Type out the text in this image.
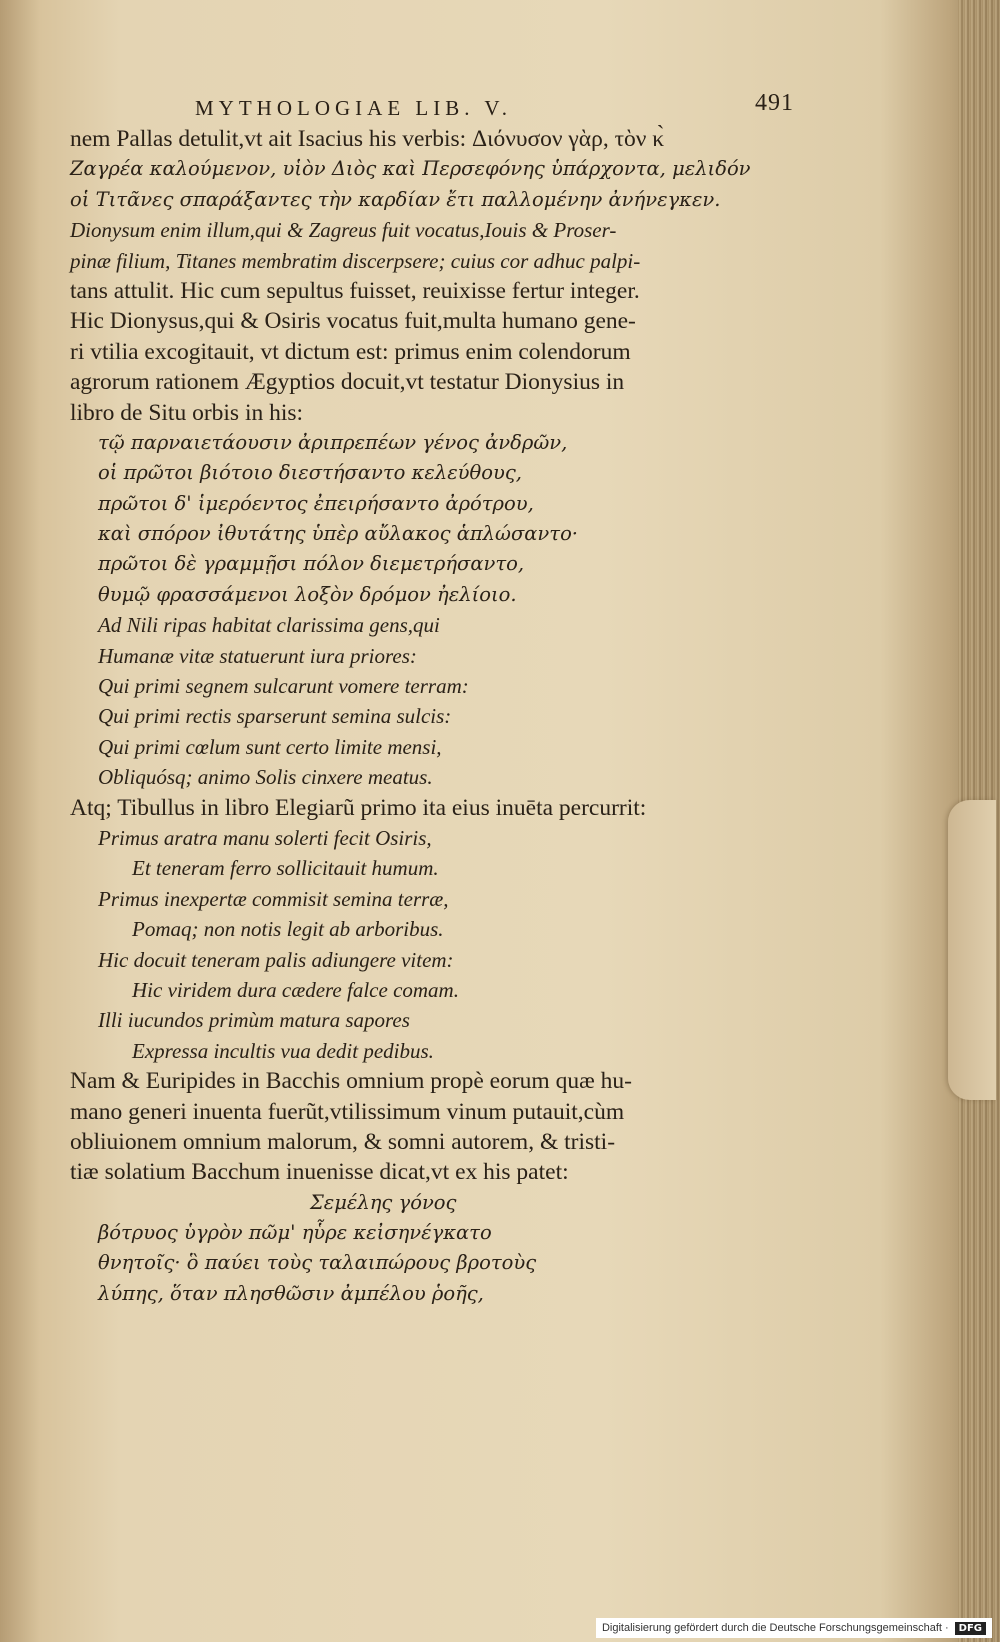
MYTHOLOGIAE LIB. V.	491
nem Pallas detulit,vt ait Isacius his verbis: Διόνυσον γὰρ, τὸν κ̀
Ζαγρέα καλούμενον, υἱὸν Διὸς καὶ Περσεφόνης ὑπάρχοντα, μελιδόν
οἱ Τιτᾶνες σπαράξαντες τὴν καρδίαν ἔτι παλλομένην ἀνήνεγκεν.
Dionysum enim illum,qui & Zagreus fuit vocatus,Iouis & Proser-
pinæ filium, Titanes membratim discerpsere; cuius cor adhuc palpi-
tans attulit. Hic cum sepultus fuisset, reuixisse fertur integer.
Hic Dionysus,qui & Osiris vocatus fuit,multa humano gene-
ri vtilia excogitauit, vt dictum est: primus enim colendorum
agrorum rationem Ægyptios docuit,vt testatur Dionysius in
libro de Situ orbis in his:
τῷ παρναιετάουσιν ἀριπρεπέων γένος ἀνδρῶν,
οἱ πρῶτοι βιότοιο διεστήσαντο κελεύθους,
πρῶτοι δ' ἱμερόεντος ἐπειρήσαντο ἀρότρου,
καὶ σπόρον ἰθυτάτης ὑπὲρ αὔλακος ἁπλώσαντο·
πρῶτοι δὲ γραμμῇσι πόλον διεμετρήσαντο,
θυμῷ φρασσάμενοι λοξὸν δρόμον ἠελίοιο.
Ad Nili ripas habitat clarissima gens,qui
Humanæ vitæ statuerunt iura priores:
Qui primi segnem sulcarunt vomere terram:
Qui primi rectis sparserunt semina sulcis:
Qui primi cœlum sunt certo limite mensi,
Obliquósq; animo Solis cinxere meatus.
Atq; Tibullus in libro Elegiarũ primo ita eius inuēta percurrit:
Primus aratra manu solerti fecit Osiris,
Et teneram ferro sollicitauit humum.
Primus inexpertæ commisit semina terræ,
Pomaq; non notis legit ab arboribus.
Hic docuit teneram palis adiungere vitem:
Hic viridem dura cædere falce comam.
Illi iucundos primùm matura sapores
Expressa incultis vua dedit pedibus.
Nam & Euripides in Bacchis omnium propè eorum quæ hu-
mano generi inuenta fuerũt,vtilissimum vinum putauit,cùm
obliuionem omnium malorum, & somni autorem, & tristi-
tiæ solatium Bacchum inuenisse dicat,vt ex his patet:
Σεμέλης γόνος
βότρυος ὑγρὸν πῶμ' ηὗρε κεἰσηνέγκατο
θνητοῖς· ὃ παύει τοὺς ταλαιπώρους βροτοὺς
λύπης, ὅταν πλησθῶσιν ἀμπέλου ῥοῆς,
Digitalisierung gefördert durch die Deutsche Forschungsgemeinschaft ·	DFG
